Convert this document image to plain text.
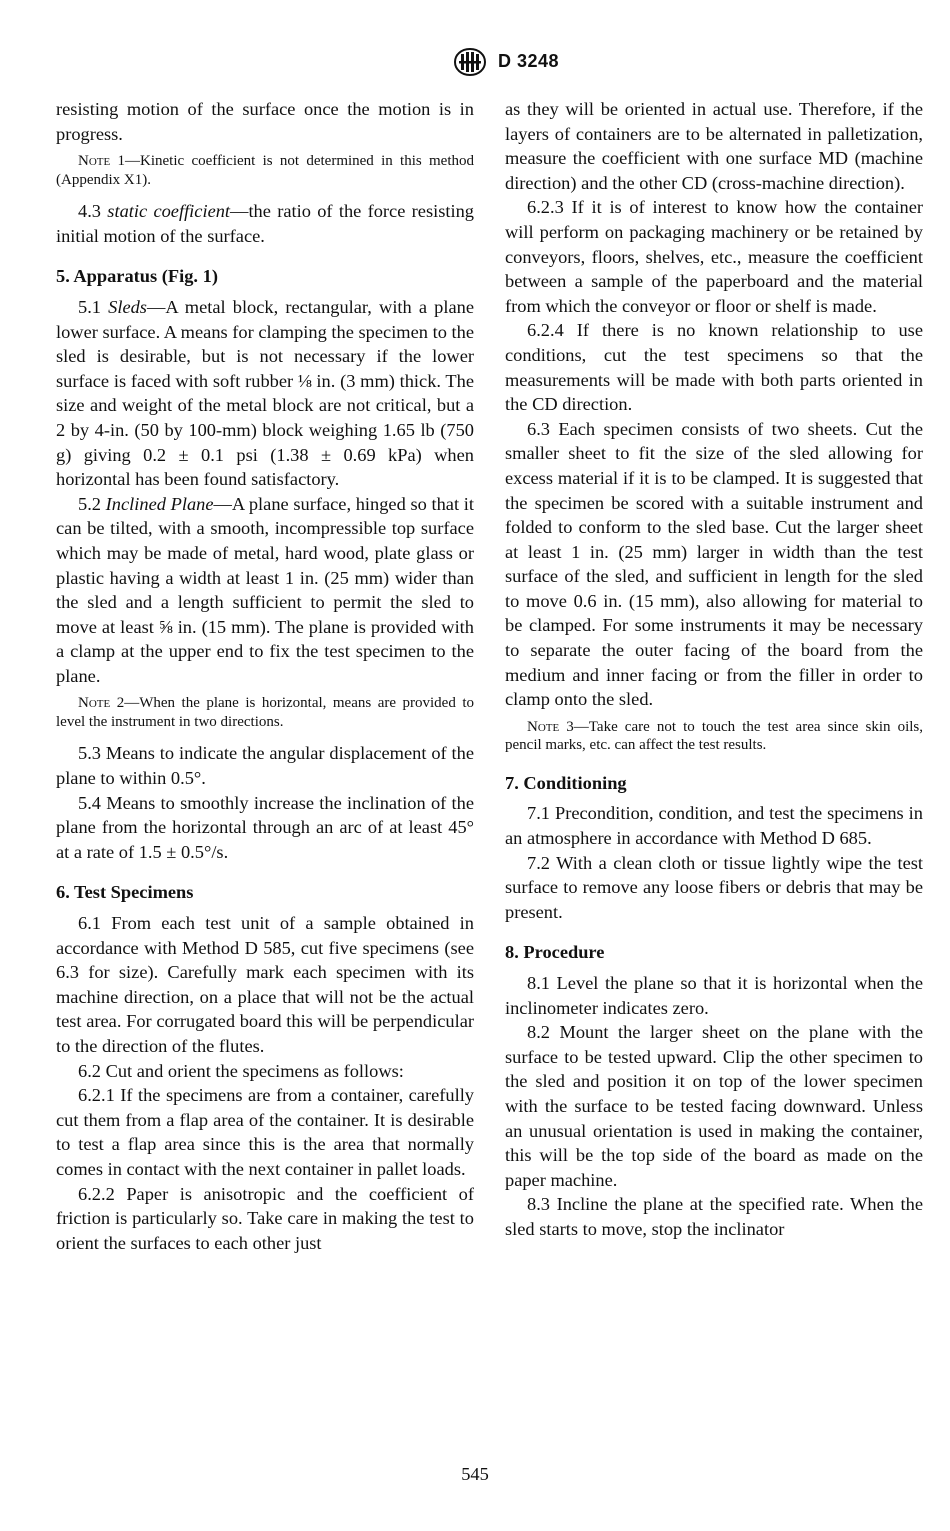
D 3248

resisting motion of the surface once the motion is in progress.

Note 1—Kinetic coefficient is not determined in this method (Appendix X1).

4.3 static coefficient—the ratio of the force resisting initial motion of the surface.

5. Apparatus (Fig. 1)

5.1 Sleds—A metal block, rectangular, with a plane lower surface. A means for clamping the specimen to the sled is desirable, but is not necessary if the lower surface is faced with soft rubber ⅛ in. (3 mm) thick. The size and weight of the metal block are not critical, but a 2 by 4-in. (50 by 100-mm) block weighing 1.65 lb (750 g) giving 0.2 ± 0.1 psi (1.38 ± 0.69 kPa) when horizontal has been found satisfactory.

5.2 Inclined Plane—A plane surface, hinged so that it can be tilted, with a smooth, incompressible top surface which may be made of metal, hard wood, plate glass or plastic having a width at least 1 in. (25 mm) wider than the sled and a length sufficient to permit the sled to move at least ⅝ in. (15 mm). The plane is provided with a clamp at the upper end to fix the test specimen to the plane.

Note 2—When the plane is horizontal, means are provided to level the instrument in two directions.

5.3 Means to indicate the angular displacement of the plane to within 0.5°.

5.4 Means to smoothly increase the inclination of the plane from the horizontal through an arc of at least 45° at a rate of 1.5 ± 0.5°/s.

6. Test Specimens

6.1 From each test unit of a sample obtained in accordance with Method D 585, cut five specimens (see 6.3 for size). Carefully mark each specimen with its machine direction, on a place that will not be the actual test area. For corrugated board this will be perpendicular to the direction of the flutes.

6.2 Cut and orient the specimens as follows:

6.2.1 If the specimens are from a container, carefully cut them from a flap area of the container. It is desirable to test a flap area since this is the area that normally comes in contact with the next container in pallet loads.

6.2.2 Paper is anisotropic and the coefficient of friction is particularly so. Take care in making the test to orient the surfaces to each other just

as they will be oriented in actual use. Therefore, if the layers of containers are to be alternated in palletization, measure the coefficient with one surface MD (machine direction) and the other CD (cross-machine direction).

6.2.3 If it is of interest to know how the container will perform on packaging machinery or be retained by conveyors, floors, shelves, etc., measure the coefficient between a sample of the paperboard and the material from which the conveyor or floor or shelf is made.

6.2.4 If there is no known relationship to use conditions, cut the test specimens so that the measurements will be made with both parts oriented in the CD direction.

6.3 Each specimen consists of two sheets. Cut the smaller sheet to fit the size of the sled allowing for excess material if it is to be clamped. It is suggested that the specimen be scored with a suitable instrument and folded to conform to the sled base. Cut the larger sheet at least 1 in. (25 mm) larger in width than the test surface of the sled, and sufficient in length for the sled to move 0.6 in. (15 mm), also allowing for material to be clamped. For some instruments it may be necessary to separate the outer facing of the board from the medium and inner facing or from the filler in order to clamp onto the sled.

Note 3—Take care not to touch the test area since skin oils, pencil marks, etc. can affect the test results.

7. Conditioning

7.1 Precondition, condition, and test the specimens in an atmosphere in accordance with Method D 685.

7.2 With a clean cloth or tissue lightly wipe the test surface to remove any loose fibers or debris that may be present.

8. Procedure

8.1 Level the plane so that it is horizontal when the inclinometer indicates zero.

8.2 Mount the larger sheet on the plane with the surface to be tested upward. Clip the other specimen to the sled and position it on top of the lower specimen with the surface to be tested facing downward. Unless an unusual orientation is used in making the container, this will be the top side of the board as made on the paper machine.

8.3 Incline the plane at the specified rate. When the sled starts to move, stop the inclinator

545
